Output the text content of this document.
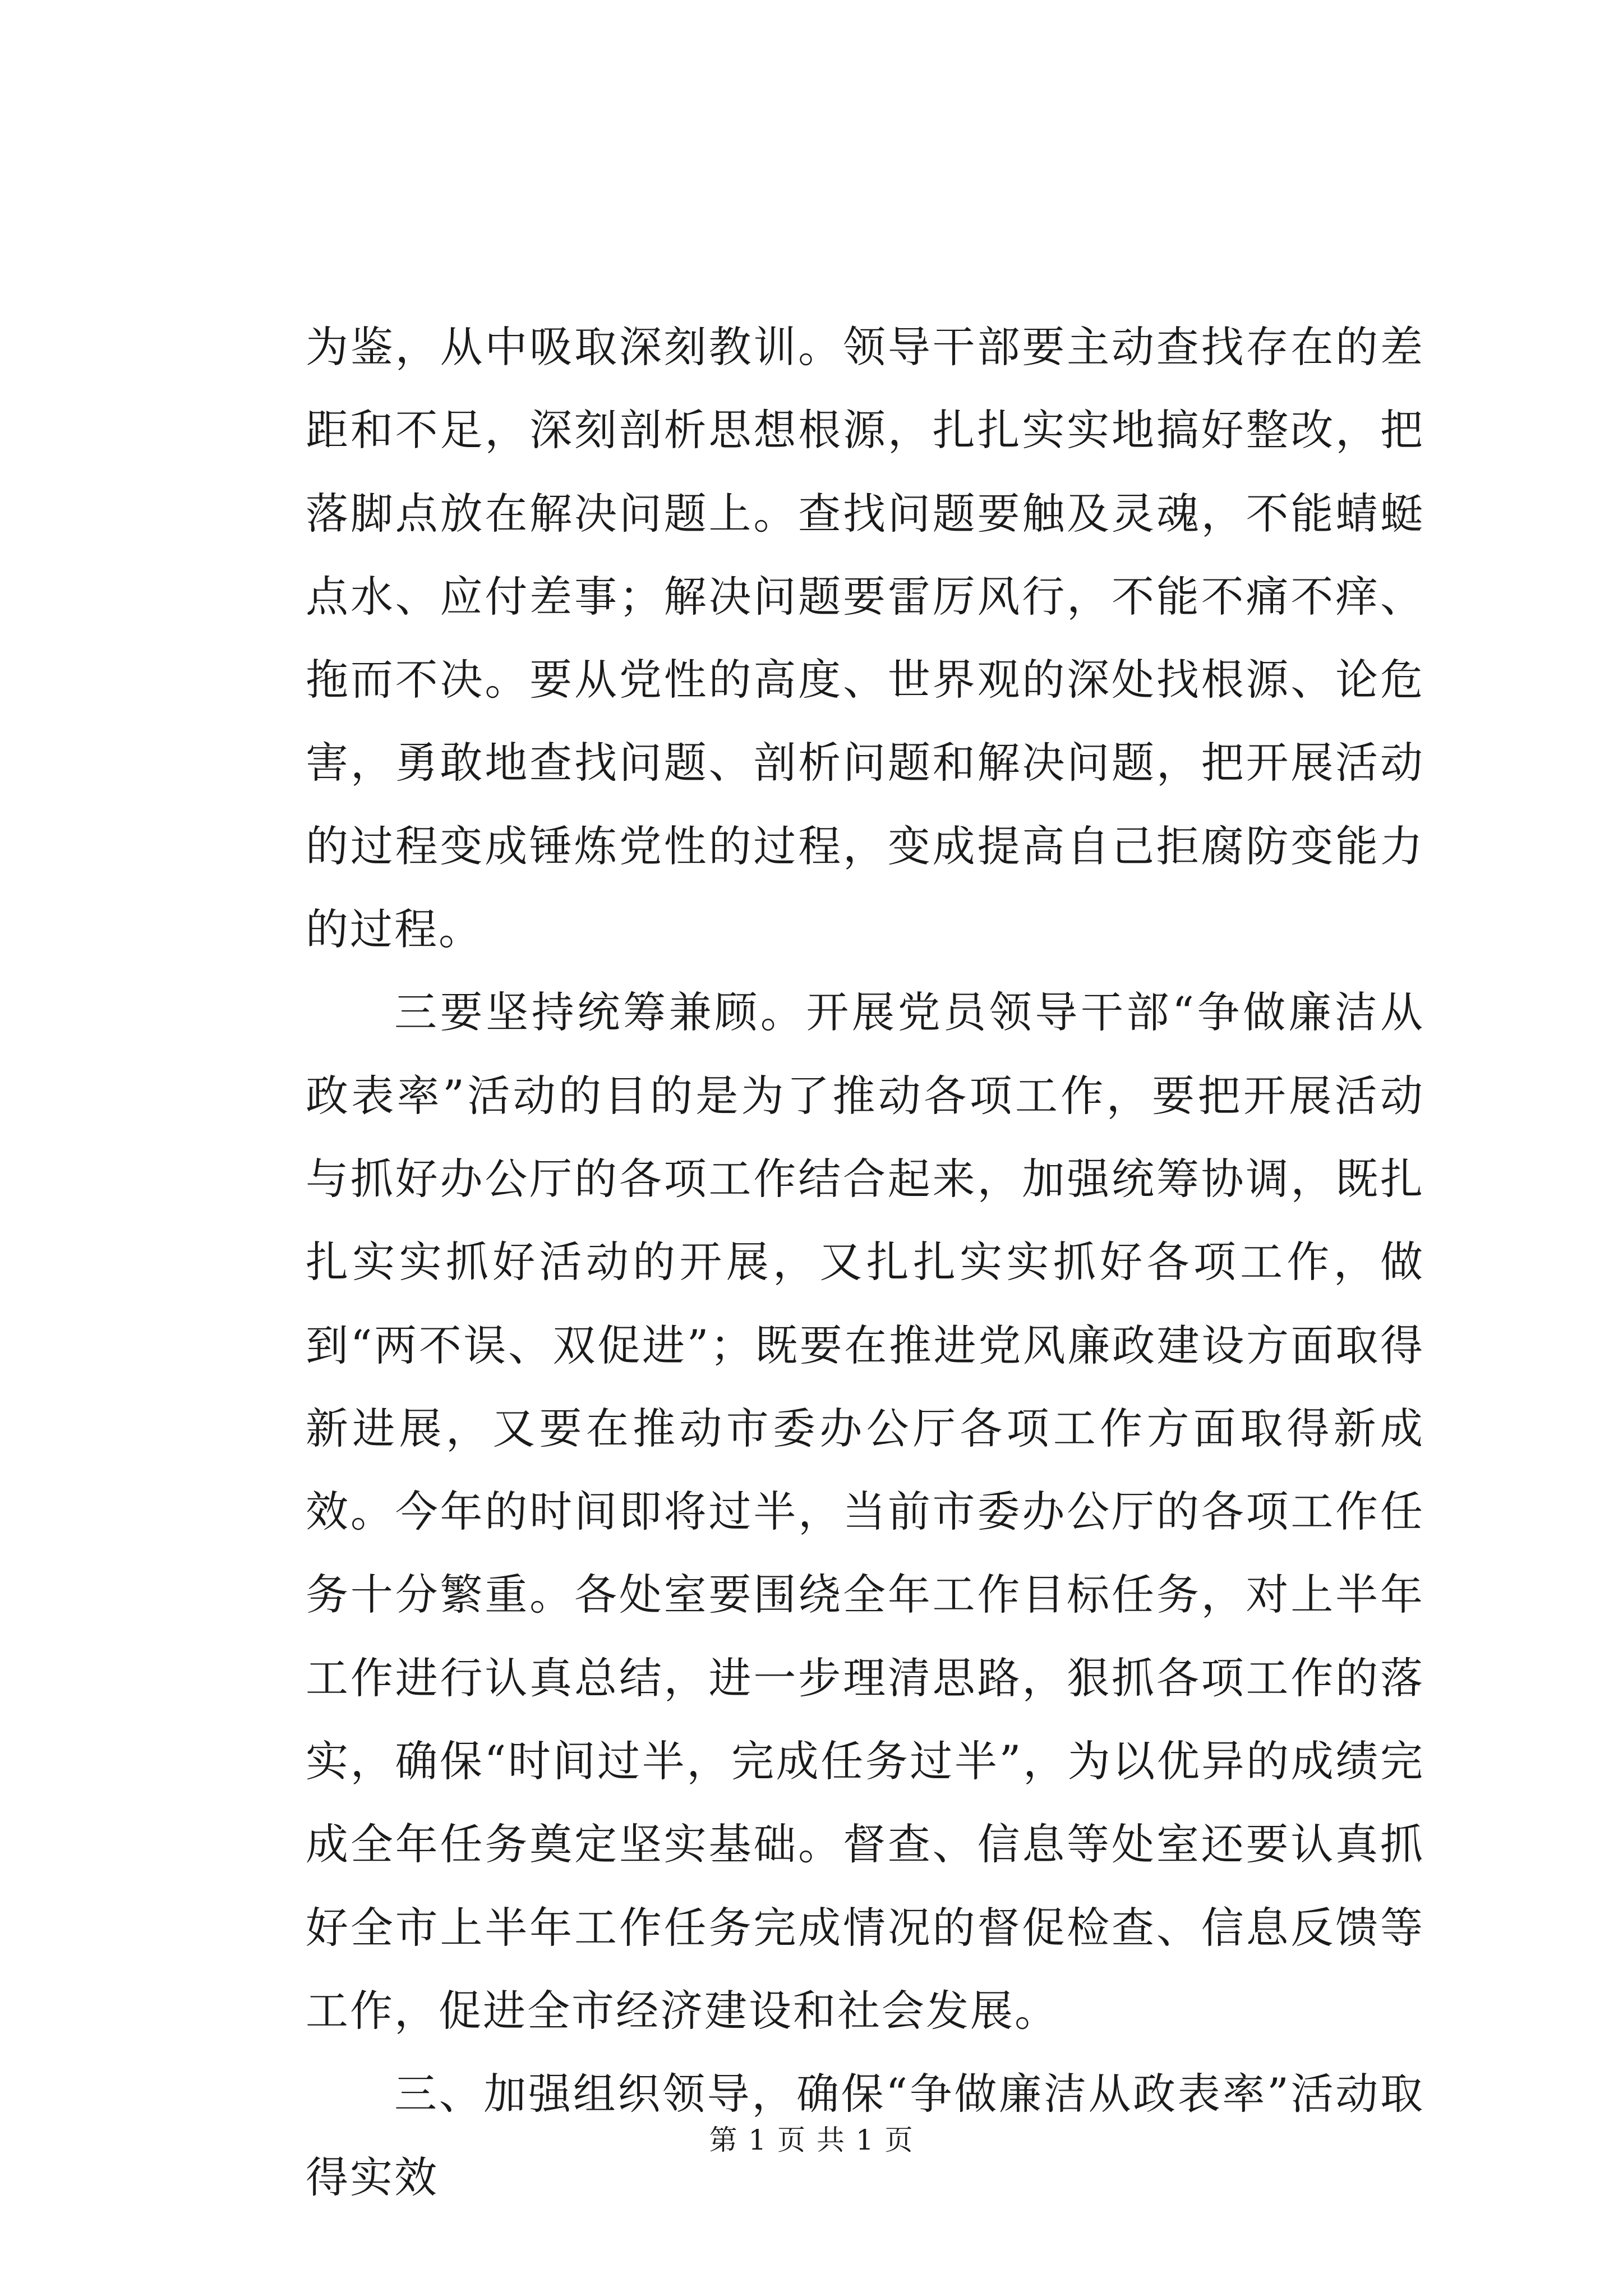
为鉴，从中吸取深刻教训。领导干部要主动查找存在的差距和不足，深刻剖析思想根源，扎扎实实地搞好整改，把落脚点放在解决问题上。查找问题要触及灵魂，不能蜻蜓点水、应付差事；解决问题要雷厉风行，不能不痛不痒、拖而不决。要从党性的高度、世界观的深处找根源、论危害，勇敢地查找问题、剖析问题和解决问题，把开展活动的过程变成锤炼党性的过程，变成提高自己拒腐防变能力的过程。

三要坚持统筹兼顾。开展党员领导干部“争做廉洁从政表率”活动的目的是为了推动各项工作，要把开展活动与抓好办公厅的各项工作结合起来，加强统筹协调，既扎扎实实抓好活动的开展，又扎扎实实抓好各项工作，做到“两不误、双促进”；既要在推进党风廉政建设方面取得新进展，又要在推动市委办公厅各项工作方面取得新成效。今年的时间即将过半，当前市委办公厅的各项工作任务十分繁重。各处室要围绕全年工作目标任务，对上半年工作进行认真总结，进一步理清思路，狠抓各项工作的落实，确保“时间过半，完成任务过半”，为以优异的成绩完成全年任务奠定坚实基础。督查、信息等处室还要认真抓好全市上半年工作任务完成情况的督促检查、信息反馈等工作，促进全市经济建设和社会发展。

三、加强组织领导，确保“争做廉洁从政表率”活动取得实效

第 1 页 共 1 页
